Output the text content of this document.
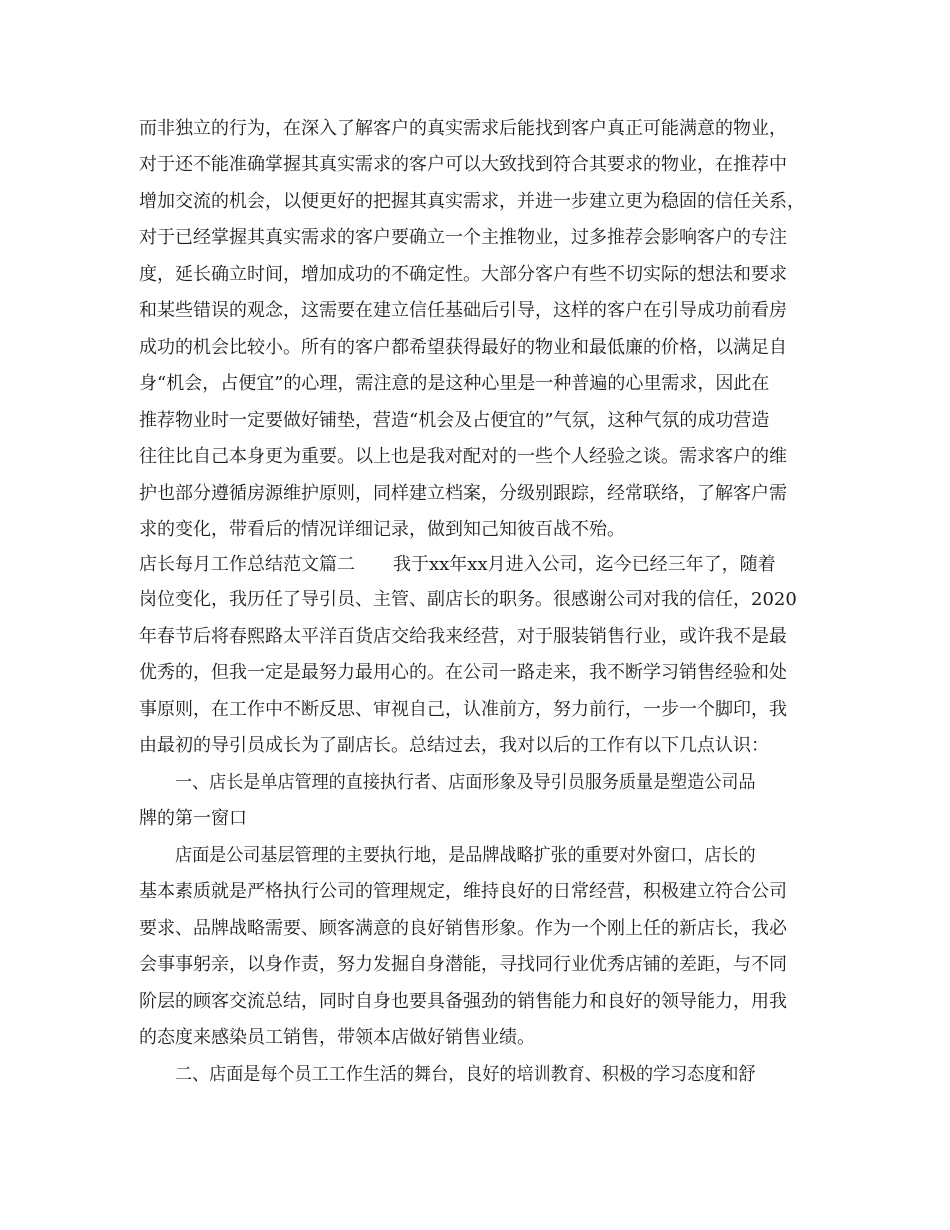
而非独立的行为，在深入了解客户的真实需求后能找到客户真正可能满意的物业，
对于还不能准确掌握其真实需求的客户可以大致找到符合其要求的物业，在推荐中
增加交流的机会，以便更好的把握其真实需求，并进一步建立更为稳固的信任关系，
对于已经掌握其真实需求的客户要确立一个主推物业，过多推荐会影响客户的专注
度，延长确立时间，增加成功的不确定性。大部分客户有些不切实际的想法和要求
和某些错误的观念，这需要在建立信任基础后引导，这样的客户在引导成功前看房
成功的机会比较小。所有的客户都希望获得最好的物业和最低廉的价格，以满足自
身“机会，占便宜”的心理，需注意的是这种心里是一种普遍的心里需求，因此在
推荐物业时一定要做好铺垫，营造“机会及占便宜的”气氛，这种气氛的成功营造
往往比自己本身更为重要。以上也是我对配对的一些个人经验之谈。需求客户的维
护也部分遵循房源维护原则，同样建立档案，分级别跟踪，经常联络，了解客户需
求的变化，带看后的情况详细记录，做到知己知彼百战不殆。
店长每月工作总结范文篇二 我于xx年xx月进入公司，迄今已经三年了，随着
岗位变化，我历任了导引员、主管、副店长的职务。很感谢公司对我的信任，2020
年春节后将春熙路太平洋百货店交给我来经营，对于服装销售行业，或许我不是最
优秀的，但我一定是最努力最用心的。在公司一路走来，我不断学习销售经验和处
事原则，在工作中不断反思、审视自己，认准前方，努力前行，一步一个脚印，我
由最初的导引员成长为了副店长。总结过去，我对以后的工作有以下几点认识：
一、店长是单店管理的直接执行者、店面形象及导引员服务质量是塑造公司品
牌的第一窗口
店面是公司基层管理的主要执行地，是品牌战略扩张的重要对外窗口，店长的
基本素质就是严格执行公司的管理规定，维持良好的日常经营，积极建立符合公司
要求、品牌战略需要、顾客满意的良好销售形象。作为一个刚上任的新店长，我必
会事事躬亲，以身作责，努力发掘自身潜能，寻找同行业优秀店铺的差距，与不同
阶层的顾客交流总结，同时自身也要具备强劲的销售能力和良好的领导能力，用我
的态度来感染员工销售，带领本店做好销售业绩。
二、店面是每个员工工作生活的舞台，良好的培训教育、积极的学习态度和舒
